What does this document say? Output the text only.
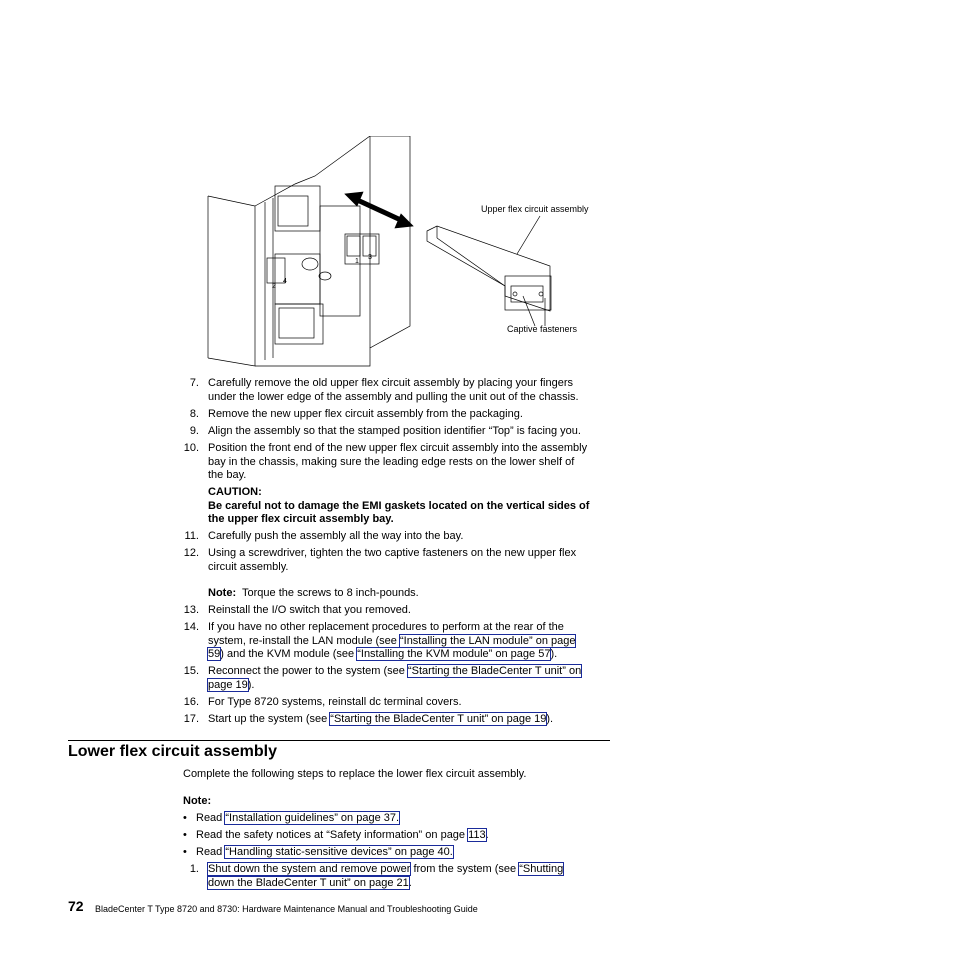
1
3
2
4
Upper flex circuit assembly
Captive fasteners
7. Carefully remove the old upper flex circuit assembly by placing your fingers
under the lower edge of the assembly and pulling the unit out of the chassis.
8. Remove the new upper flex circuit assembly from the packaging.
9. Align the assembly so that the stamped position identifier “Top” is facing you.
10. Position the front end of the new upper flex circuit assembly into the assembly
bay in the chassis, making sure the leading edge rests on the lower shelf of
the bay.
CAUTION:
Be careful not to damage the EMI gaskets located on the vertical sides of
the upper flex circuit assembly bay.
11. Carefully push the assembly all the way into the bay.
12. Using a screwdriver, tighten the two captive fasteners on the new upper flex
circuit assembly.
Note: Torque the screws to 8 inch-pounds.
13. Reinstall the I/O switch that you removed.
14. If you have no other replacement procedures to perform at the rear of the
system, re-install the LAN module (see “Installing the LAN module” on page
59) and the KVM module (see “Installing the KVM module” on page 57).
15. Reconnect the power to the system (see “Starting the BladeCenter T unit” on
page 19).
16. For Type 8720 systems, reinstall dc terminal covers.
17. Start up the system (see “Starting the BladeCenter T unit” on page 19).
Lower flex circuit assembly
Complete the following steps to replace the lower flex circuit assembly.
Note:
• Read “Installation guidelines” on page 37.
• Read the safety notices at “Safety information” on page 113.
• Read “Handling static-sensitive devices” on page 40.
1. Shut down the system and remove power from the system (see “Shutting
down the BladeCenter T unit” on page 21.
72 BladeCenter T Type 8720 and 8730: Hardware Maintenance Manual and Troubleshooting Guide
